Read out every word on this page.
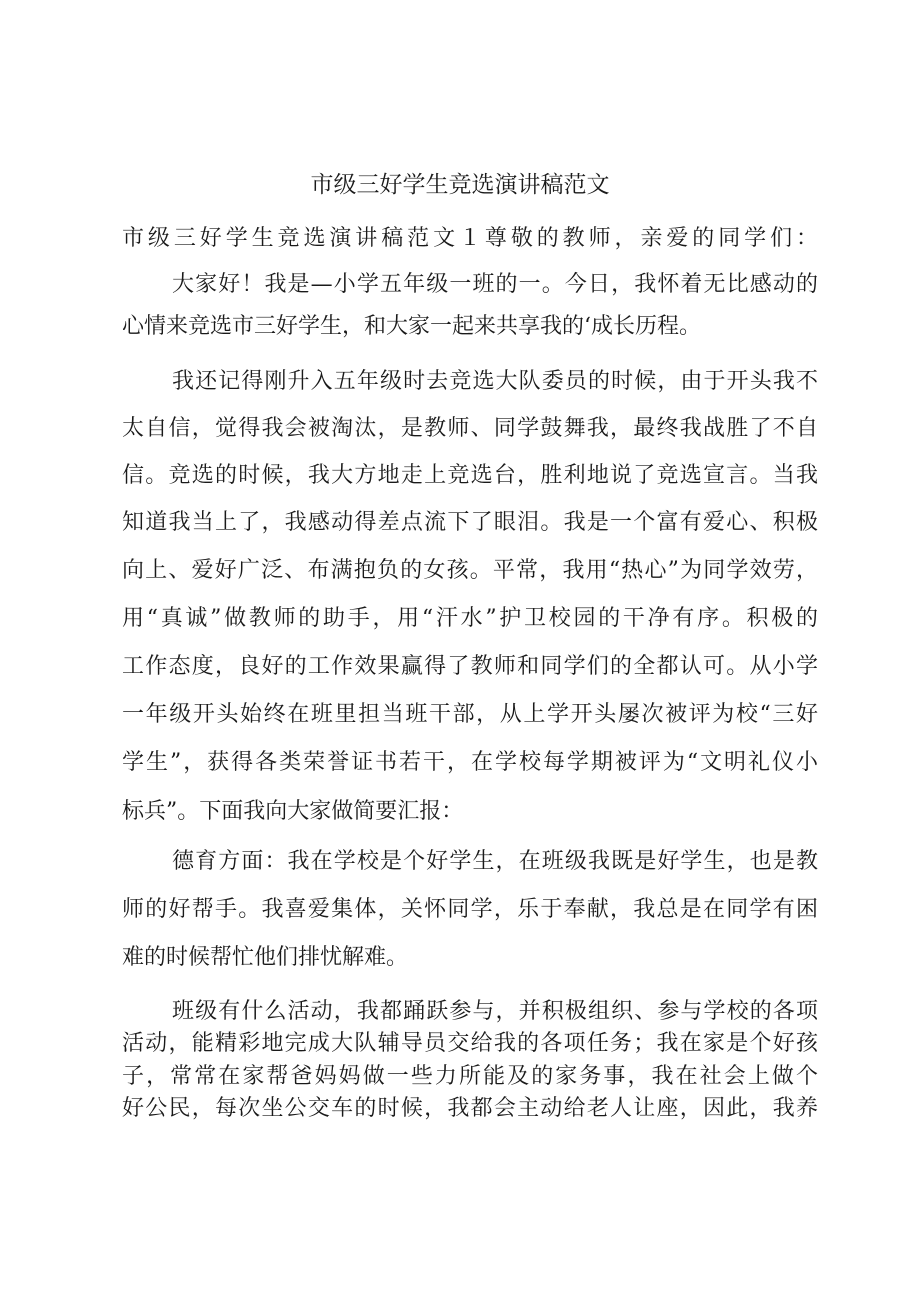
市级三好学生竞选演讲稿范文
市级三好学生竞选演讲稿范文１尊敬的教师，亲爱的同学们：
大家好！我是—小学五年级一班的一。今日，我怀着无比感动的
心情来竞选市三好学生，和大家一起来共享我的‘成长历程。
我还记得刚升入五年级时去竞选大队委员的时候，由于开头我不
太自信，觉得我会被淘汰，是教师、同学鼓舞我，最终我战胜了不自
信。竞选的时候，我大方地走上竞选台，胜利地说了竞选宣言。当我
知道我当上了，我感动得差点流下了眼泪。我是一个富有爱心、积极
向上、爱好广泛、布满抱负的女孩。平常，我用“热心”为同学效劳，
用“真诚”做教师的助手，用“汗水”护卫校园的干净有序。积极的
工作态度，良好的工作效果赢得了教师和同学们的全都认可。从小学
一年级开头始终在班里担当班干部，从上学开头屡次被评为校“三好
学生”，获得各类荣誉证书若干，在学校每学期被评为“文明礼仪小
标兵”。下面我向大家做简要汇报：
德育方面：我在学校是个好学生，在班级我既是好学生，也是教
师的好帮手。我喜爱集体，关怀同学，乐于奉献，我总是在同学有困
难的时候帮忙他们排忧解难。
班级有什么活动，我都踊跃参与，并积极组织、参与学校的各项
活动，能精彩地完成大队辅导员交给我的各项任务；我在家是个好孩
子，常常在家帮爸妈妈做一些力所能及的家务事，我在社会上做个
好公民，每次坐公交车的时候，我都会主动给老人让座，因此，我养
